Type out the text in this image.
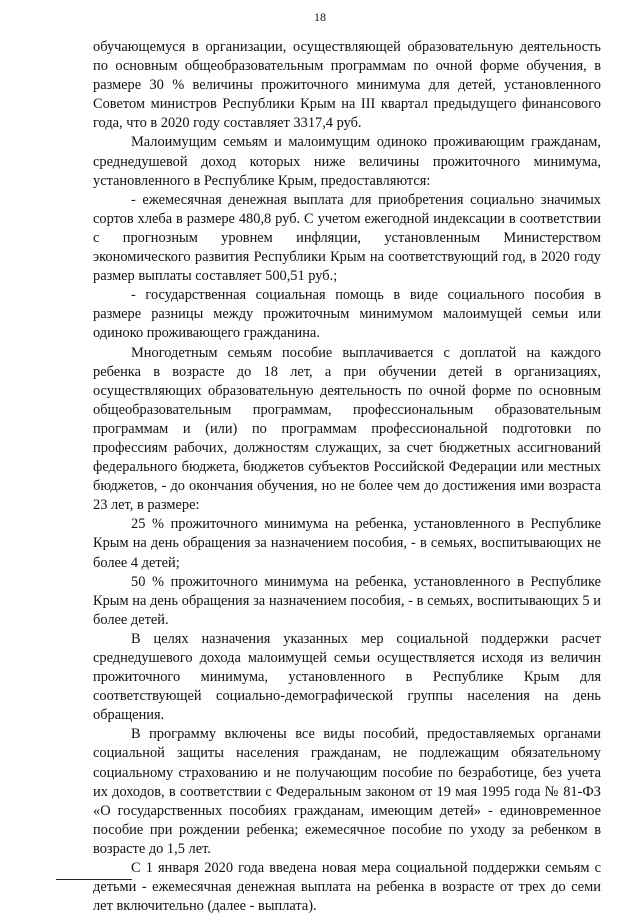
18

обучающемуся в организации, осуществляющей образовательную деятельность по основным общеобразовательным программам по очной форме обучения, в размере 30 % величины прожиточного минимума для детей, установленного Советом министров Республики Крым на III квартал предыдущего финансового года, что в 2020 году составляет 3317,4 руб.

Малоимущим семьям и малоимущим одиноко проживающим гражданам, среднедушевой доход которых ниже величины прожиточного минимума, установленного в Республике Крым, предоставляются:

- ежемесячная денежная выплата для приобретения социально значимых сортов хлеба в размере 480,8 руб. С учетом ежегодной индексации в соответствии с прогнозным уровнем инфляции, установленным Министерством экономического развития Республики Крым на соответствующий год, в 2020 году размер выплаты составляет 500,51 руб.;

- государственная социальная помощь в виде социального пособия в размере разницы между прожиточным минимумом малоимущей семьи или одиноко проживающего гражданина.

Многодетным семьям пособие выплачивается с доплатой на каждого ребенка в возрасте до 18 лет, а при обучении детей в организациях, осуществляющих образовательную деятельность по очной форме по основным общеобразовательным программам, профессиональным образовательным программам и (или) по программам профессиональной подготовки по профессиям рабочих, должностям служащих, за счет бюджетных ассигнований федерального бюджета, бюджетов субъектов Российской Федерации или местных бюджетов, - до окончания обучения, но не более чем до достижения ими возраста 23 лет, в размере:

25 % прожиточного минимума на ребенка, установленного в Республике Крым на день обращения за назначением пособия, - в семьях, воспитывающих не более 4 детей;

50 % прожиточного минимума на ребенка, установленного в Республике Крым на день обращения за назначением пособия, - в семьях, воспитывающих 5 и более детей.

В целях назначения указанных мер социальной поддержки расчет среднедушевого дохода малоимущей семьи осуществляется исходя из величин прожиточного минимума, установленного в Республике Крым для соответствующей социально-демографической группы населения на день обращения.

В программу включены все виды пособий, предоставляемых органами социальной защиты населения гражданам, не подлежащим обязательному социальному страхованию и не получающим пособие по безработице, без учета их доходов, в соответствии с Федеральным законом от 19 мая 1995 года № 81-ФЗ «О государственных пособиях гражданам, имеющим детей» - единовременное пособие при рождении ребенка; ежемесячное пособие по уходу за ребенком в возрасте до 1,5 лет.

С 1 января 2020 года введена новая мера социальной поддержки семьям с детьми - ежемесячная денежная выплата на ребенка в возрасте от трех до семи лет включительно (далее - выплата).
